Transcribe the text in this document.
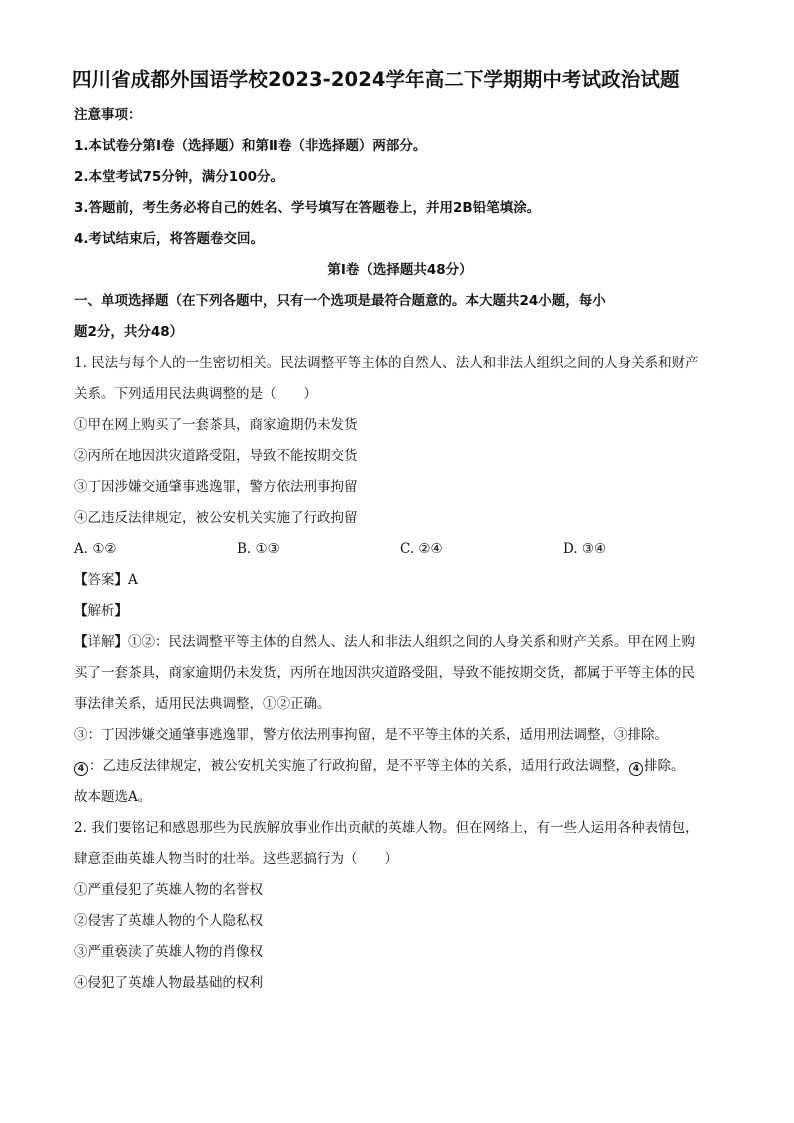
四川省成都外国语学校2023-2024学年高二下学期期中考试政治试题
注意事项：
1.本试卷分第Ⅰ卷（选择题）和第Ⅱ卷（非选择题）两部分。
2.本堂考试75分钟，满分100分。
3.答题前，考生务必将自己的姓名、学号填写在答题卷上，并用2B铅笔填涂。
4.考试结束后，将答题卷交回。
第Ⅰ卷（选择题共48分）
一、单项选择题（在下列各题中，只有一个选项是最符合题意的。本大题共24小题，每小
题2分，共分48）
1. 民法与每个人的一生密切相关。民法调整平等主体的自然人、法人和非法人组织之间的人身关系和财产
关系。下列适用民法典调整的是（　　）
①甲在网上购买了一套茶具，商家逾期仍未发货
②丙所在地因洪灾道路受阻，导致不能按期交货
③丁因涉嫌交通肇事逃逸罪，警方依法刑事拘留
④乙违反法律规定，被公安机关实施了行政拘留
A. ①②	B. ①③	C. ②④	D. ③④
【答案】A
【解析】
【详解】①②：民法调整平等主体的自然人、法人和非法人组织之间的人身关系和财产关系。甲在网上购
买了一套茶具，商家逾期仍未发货，丙所在地因洪灾道路受阻，导致不能按期交货，都属于平等主体的民
事法律关系，适用民法典调整，①②正确。
③：丁因涉嫌交通肇事逃逸罪，警方依法刑事拘留，是不平等主体的关系，适用刑法调整，③排除。
4 ：乙违反法律规定，被公安机关实施了行政拘留，是不平等主体的关系，适用行政法调整， 4 排除。
故本题选A。
2. 我们要铭记和感恩那些为民族解放事业作出贡献的英雄人物。但在网络上，有一些人运用各种表情包，
肆意歪曲英雄人物当时的壮举。这些恶搞行为（　　）
①严重侵犯了英雄人物的名誉权
②侵害了英雄人物的个人隐私权
③严重亵渎了英雄人物的肖像权
④侵犯了英雄人物最基础的权利
